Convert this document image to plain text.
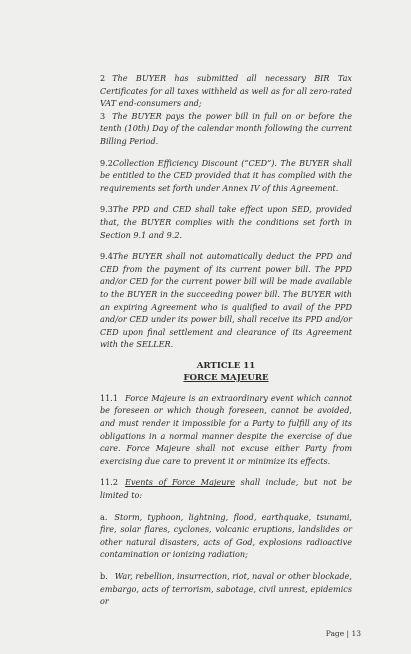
2 The BUYER has submitted all necessary BIR Tax Certificates for all taxes withheld as well as for all zero-rated VAT end-consumers and;

3 The BUYER pays the power bill in full on or before the tenth (10th) Day of the calendar month following the current Billing Period.

9.2Collection Efficiency Discount (“CED”). The BUYER shall be entitled to the CED provided that it has complied with the requirements set forth under Annex IV of this Agreement.

9.3The PPD and CED shall take effect upon SED, provided that, the BUYER complies with the conditions set forth in Section 9.1 and 9.2.

9.4The BUYER shall not automatically deduct the PPD and CED from the payment of its current power bill. The PPD and/or CED for the current power bill will be made available to the BUYER in the succeeding power bill. The BUYER with an expiring Agreement who is qualified to avail of the PPD and/or CED under its power bill, shall receive its PPD and/or CED upon final settlement and clearance of its Agreement with the SELLER.

ARTICLE 11
FORCE MAJEURE

11.1 Force Majeure is an extraordinary event which cannot be foreseen or which though foreseen, cannot be avoided, and must render it impossible for a Party to fulfill any of its obligations in a normal manner despite the exercise of due care. Force Majeure shall not excuse either Party from exercising due care to prevent it or minimize its effects.

11.2 Events of Force Majeure shall include, but not be limited to:

a. Storm, typhoon, lightning, flood, earthquake, tsunami, fire, solar flares, cyclones, volcanic eruptions, landslides or other natural disasters, acts of God, explosions radioactive contamination or ionizing radiation;

b. War, rebellion, insurrection, riot, naval or other blockade, embargo, acts of terrorism, sabotage, civil unrest, epidemics or

Page | 13
